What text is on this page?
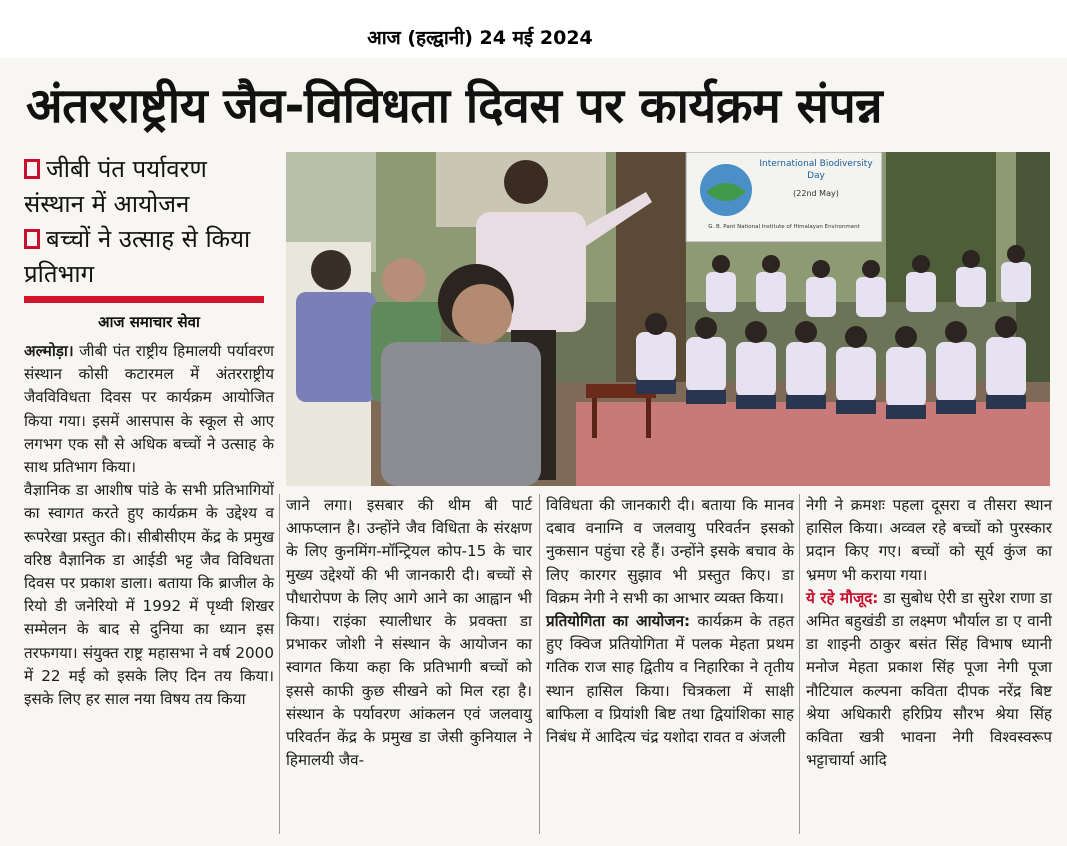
आज (हल्द्वानी) 24 मई 2024
अंतरराष्ट्रीय जैव-विविधता दिवस पर कार्यक्रम संपन्न

जीबी पंत पर्यावरण संस्थान में आयोजन

बच्चों ने उत्साह से किया प्रतिभाग

आज समाचार सेवा
International Biodiversity
Day
(22nd May)
G. B. Pant National Institute of Himalayan Environment

अल्मोड़ा। जीबी पंत राष्ट्रीय हिमालयी पर्यावरण संस्थान कोसी कटारमल में अंतरराष्ट्रीय जैवविविधता दिवस पर कार्यक्रम आयोजित किया गया। इसमें आसपास के स्कूल से आए लगभग एक सौ से अधिक बच्चों ने उत्साह के साथ प्रतिभाग किया।

वैज्ञानिक डा आशीष पांडे के सभी प्रतिभागियों का स्वागत करते हुए कार्यक्रम के उद्देश्य व रूपरेखा प्रस्तुत की। सीबीसीएम केंद्र के प्रमुख वरिष्ठ वैज्ञानिक डा आईडी भट्ट जैव विविधता दिवस पर प्रकाश डाला। बताया कि ब्राजील के रियो डी जनेरियो में 1992 में पृथ्वी शिखर सम्मेलन के बाद से दुनिया का ध्यान इस तरफगया। संयुक्त राष्ट्र महासभा ने वर्ष 2000 में 22 मई को इसके लिए दिन तय किया। इसके लिए हर साल नया विषय तय किया

जाने लगा। इसबार की थीम बी पार्ट आफप्लान है। उन्होंने जैव विधिता के संरक्षण के लिए कुनमिंग-मॉन्ट्रियल कोप-15 के चार मुख्य उद्देश्यों की भी जानकारी दी। बच्चों से पौधारोपण के लिए आगे आने का आह्वान भी किया। राइंका स्यालीधार के प्रवक्ता डा प्रभाकर जोशी ने संस्थान के आयोजन का स्वागत किया कहा कि प्रतिभागी बच्चों को इससे काफी कुछ सीखने को मिल रहा है। संस्थान के पर्यावरण आंकलन एवं जलवायु परिवर्तन केंद्र के प्रमुख डा जेसी कुनियाल ने हिमालयी जैव-

विविधता की जानकारी दी। बताया कि मानव दबाव वनाग्नि व जलवायु परिवर्तन इसको नुकसान पहुंचा रहे हैं। उन्होंने इसके बचाव के लिए कारगर सुझाव भी प्रस्तुत किए। डा विक्रम नेगी ने सभी का आभार व्यक्त किया।

प्रतियोगिता का आयोजन: कार्यक्रम के तहत हुए क्विज प्रतियोगिता में पलक मेहता प्रथम गतिक राज साह द्वितीय व निहारिका ने तृतीय स्थान हासिल किया। चित्रकला में साक्षी बाफिला व प्रियांशी बिष्ट तथा द्वियांशिका साह निबंध में आदित्य चंद्र यशोदा रावत व अंजली

नेगी ने क्रमशः पहला दूसरा व तीसरा स्थान हासिल किया। अव्वल रहे बच्चों को पुरस्कार प्रदान किए गए। बच्चों को सूर्य कुंज का भ्रमण भी कराया गया।

ये रहे मौजूद: डा सुबोध ऐरी डा सुरेश राणा डा अमित बहुखंडी डा लक्ष्मण भौर्याल डा ए वानी डा शाइनी ठाकुर बसंत सिंह विभाष ध्यानी मनोज मेहता प्रकाश सिंह पूजा नेगी पूजा नौटियाल कल्पना कविता दीपक नरेंद्र बिष्ट श्रेया अधिकारी हरिप्रिय सौरभ श्रेया सिंह कविता खत्री भावना नेगी विश्वस्वरूप भट्टाचार्या आदि
